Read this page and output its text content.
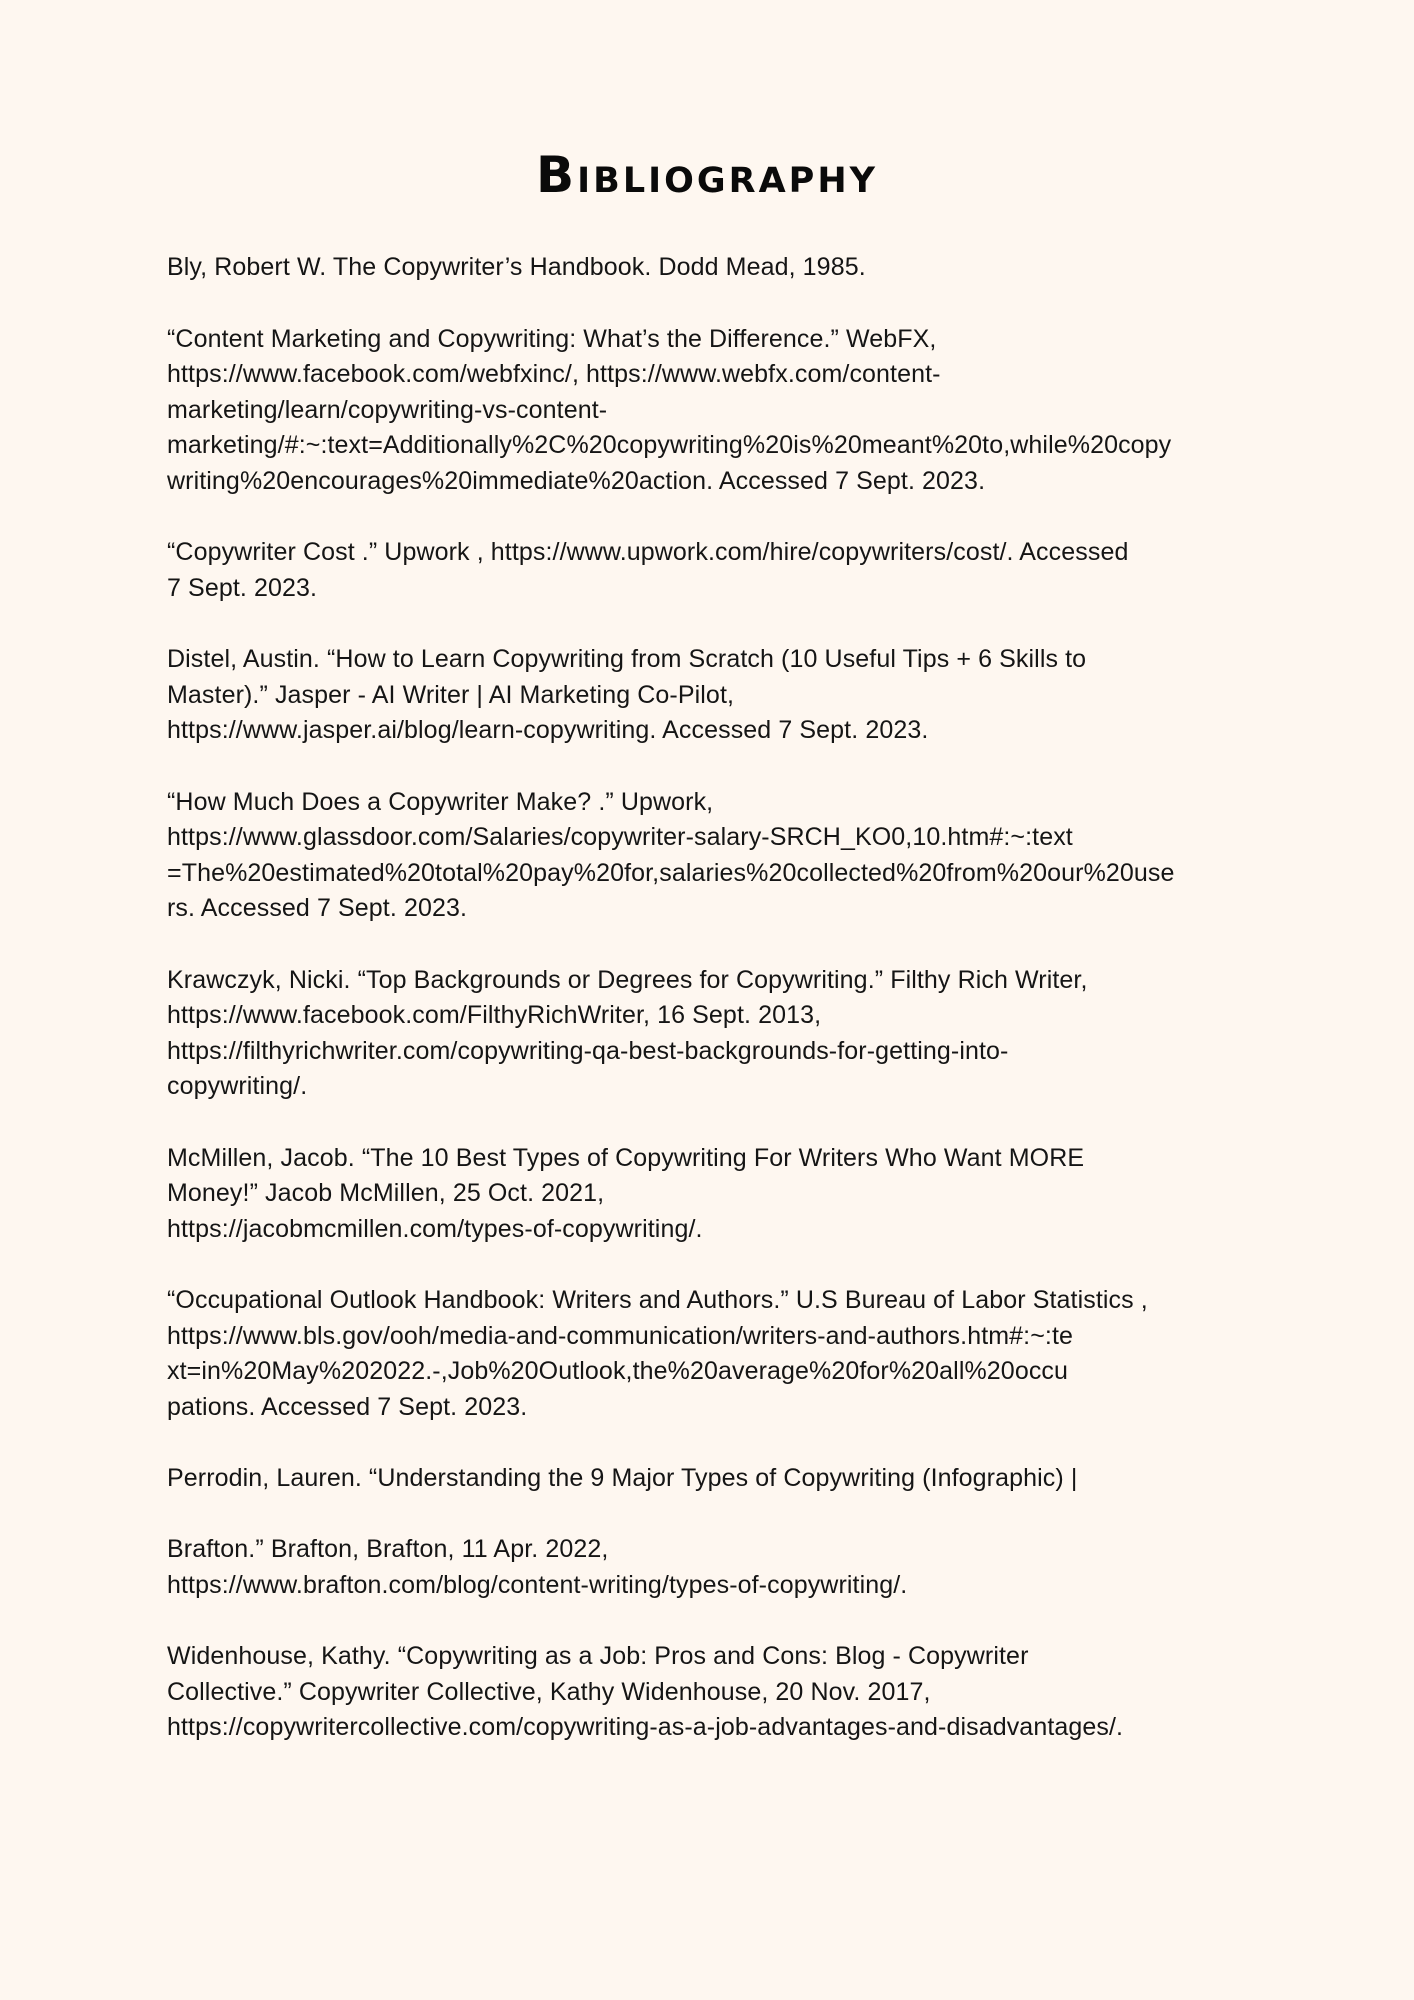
Bibliography

Bly, Robert W. The Copywriter’s Handbook. Dodd Mead, 1985.

“Content Marketing and Copywriting: What’s the Difference.” WebFX,
https://www.facebook.com/webfxinc/, https://www.webfx.com/content-
marketing/learn/copywriting-vs-content-
marketing/#:~:text=Additionally%2C%20copywriting%20is%20meant%20to,while%20copy
writing%20encourages%20immediate%20action. Accessed 7 Sept. 2023.

“Copywriter Cost .” Upwork , https://www.upwork.com/hire/copywriters/cost/. Accessed
7 Sept. 2023.

Distel, Austin. “How to Learn Copywriting from Scratch (10 Useful Tips + 6 Skills to
Master).” Jasper - AI Writer | AI Marketing Co-Pilot,
https://www.jasper.ai/blog/learn-copywriting. Accessed 7 Sept. 2023.

“How Much Does a Copywriter Make? .” Upwork,
https://www.glassdoor.com/Salaries/copywriter-salary-SRCH_KO0,10.htm#:~:text
=The%20estimated%20total%20pay%20for,salaries%20collected%20from%20our%20use
rs. Accessed 7 Sept. 2023.

Krawczyk, Nicki. “Top Backgrounds or Degrees for Copywriting.” Filthy Rich Writer,
https://www.facebook.com/FilthyRichWriter, 16 Sept. 2013,
https://filthyrichwriter.com/copywriting-qa-best-backgrounds-for-getting-into-
copywriting/.

McMillen, Jacob. “The 10 Best Types of Copywriting For Writers Who Want MORE
Money!” Jacob McMillen, 25 Oct. 2021,
https://jacobmcmillen.com/types-of-copywriting/.

“Occupational Outlook Handbook: Writers and Authors.” U.S Bureau of Labor Statistics ,
https://www.bls.gov/ooh/media-and-communication/writers-and-authors.htm#:~:te
xt=in%20May%202022.-,Job%20Outlook,the%20average%20for%20all%20occu
pations. Accessed 7 Sept. 2023.

Perrodin, Lauren. “Understanding the 9 Major Types of Copywriting (Infographic) |
Brafton.” Brafton, Brafton, 11 Apr. 2022,
https://www.brafton.com/blog/content-writing/types-of-copywriting/.

Widenhouse, Kathy. “Copywriting as a Job: Pros and Cons: Blog - Copywriter
Collective.” Copywriter Collective, Kathy Widenhouse, 20 Nov. 2017,
https://copywritercollective.com/copywriting-as-a-job-advantages-and-disadvantages/.
